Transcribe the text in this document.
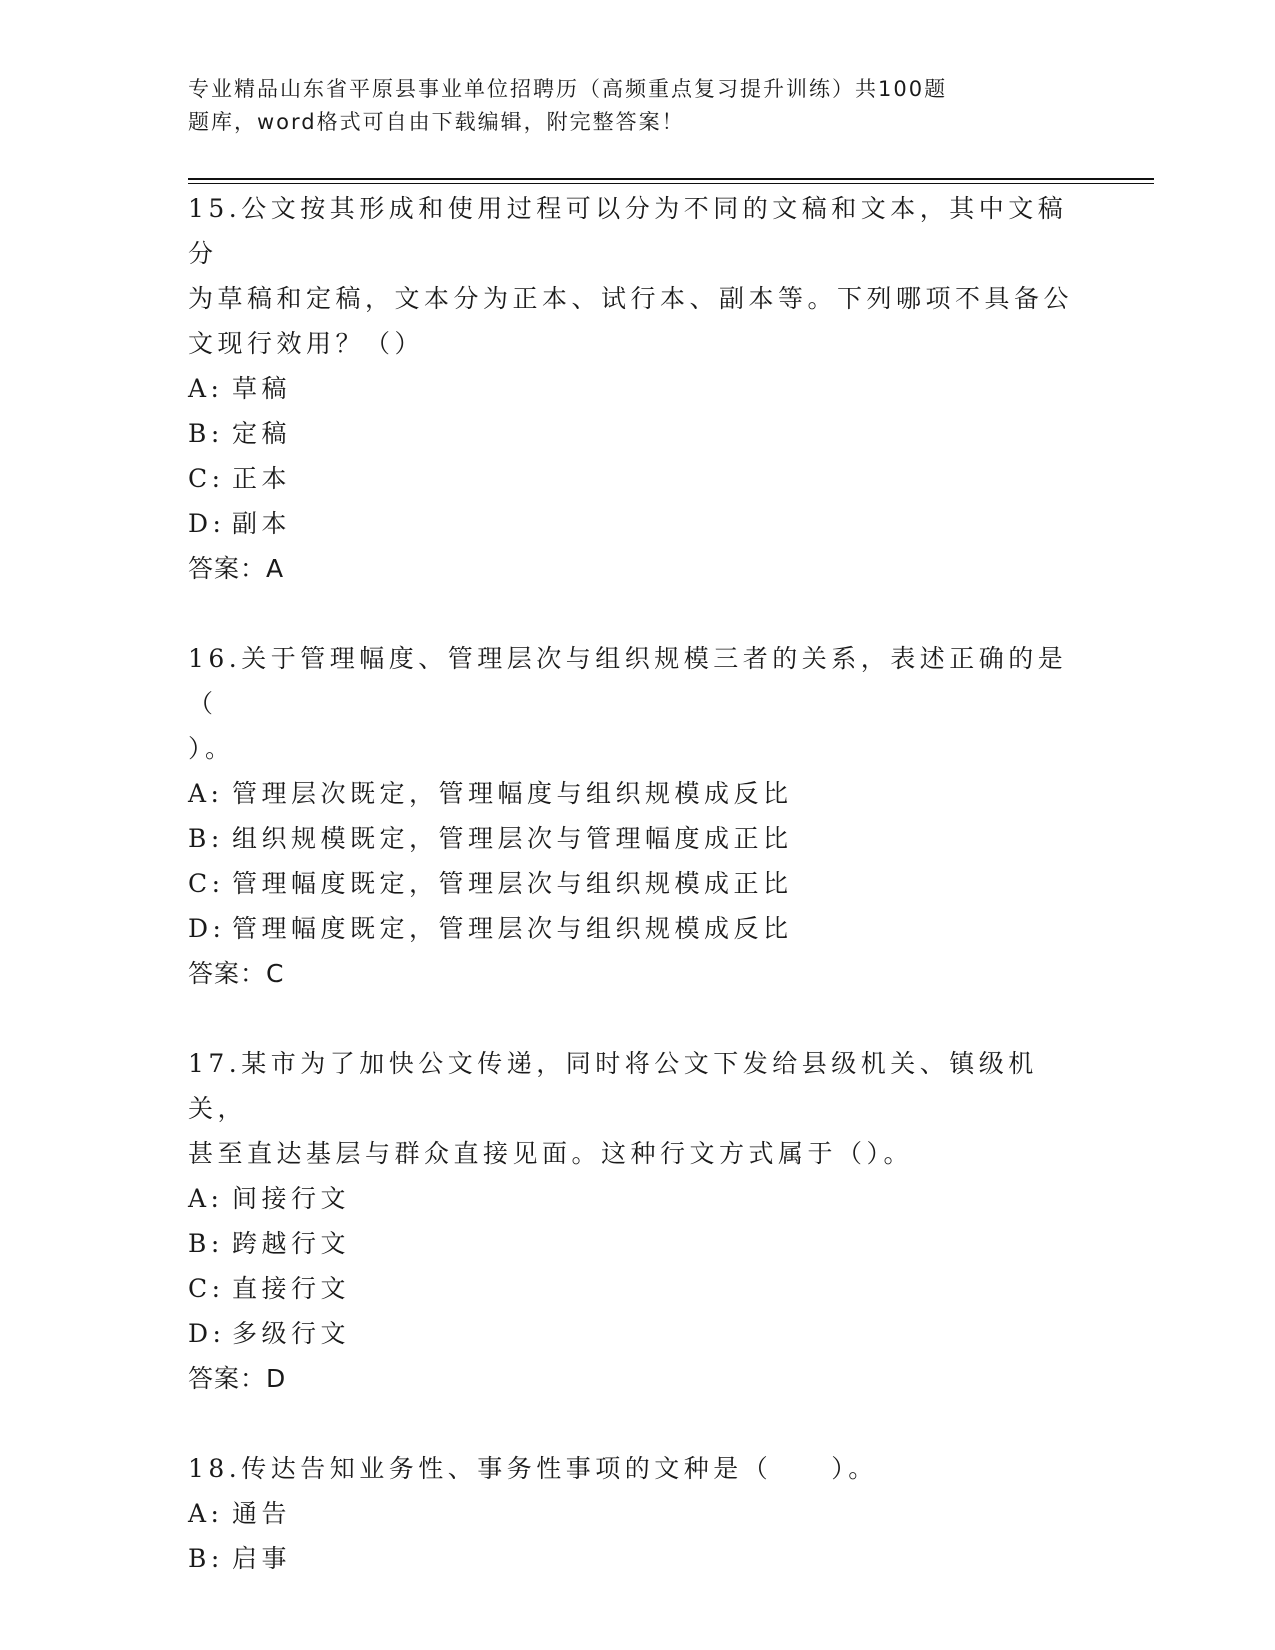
专业精品山东省平原县事业单位招聘历（高频重点复习提升训练）共100题
题库，word格式可自由下载编辑，附完整答案！
15.公文按其形成和使用过程可以分为不同的文稿和文本，其中文稿分
为草稿和定稿，文本分为正本、试行本、副本等。下列哪项不具备公
文现行效用？（）
A: 草稿
B: 定稿
C: 正本
D: 副本
答案：A
16.关于管理幅度、管理层次与组织规模三者的关系，表述正确的是（
）。
A: 管理层次既定，管理幅度与组织规模成反比
B: 组织规模既定，管理层次与管理幅度成正比
C: 管理幅度既定，管理层次与组织规模成正比
D: 管理幅度既定，管理层次与组织规模成反比
答案：C
17.某市为了加快公文传递，同时将公文下发给县级机关、镇级机关，
甚至直达基层与群众直接见面。这种行文方式属于（）。
A: 间接行文
B: 跨越行文
C: 直接行文
D: 多级行文
答案：D
18.传达告知业务性、事务性事项的文种是（　　）。
A: 通告
B: 启事
